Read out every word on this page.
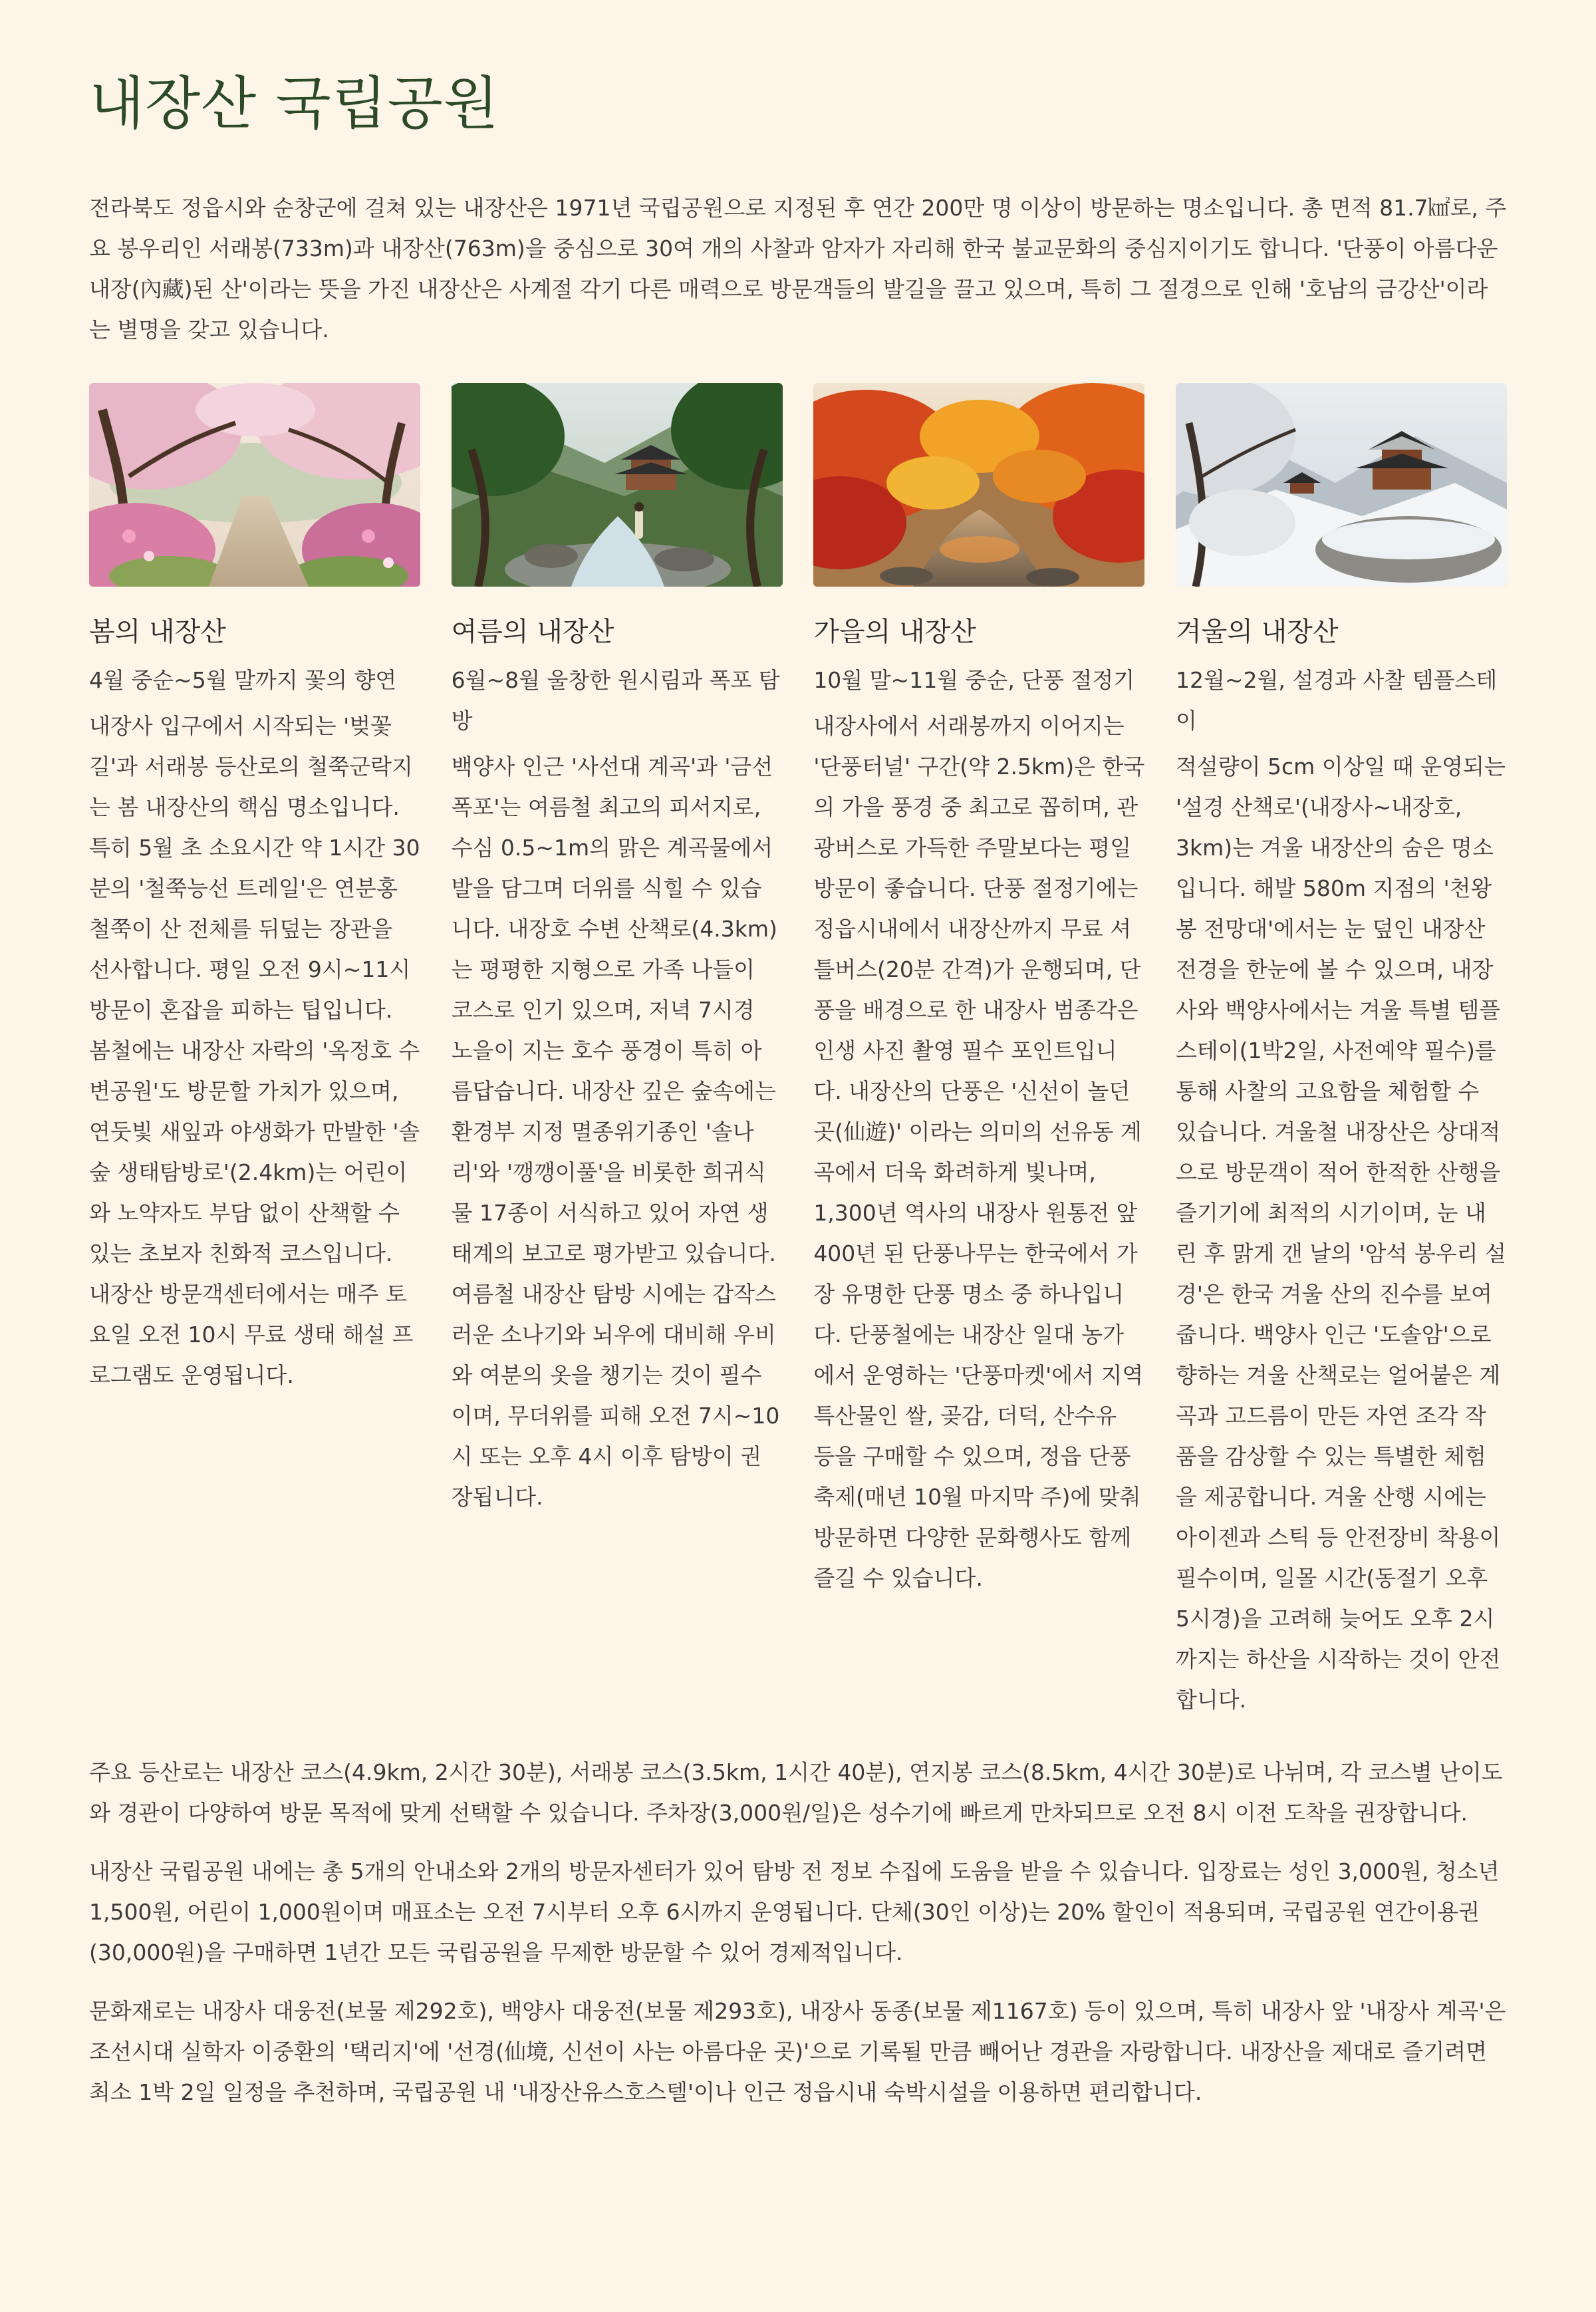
내장산 국립공원

전라북도 정읍시와 순창군에 걸쳐 있는 내장산은 1971년 국립공원으로 지정된 후 연간 200만 명 이상이 방문하는 명소입니다. 총 면적 81.7㎢로, 주요 봉우리인 서래봉(733m)과 내장산(763m)을 중심으로 30여 개의 사찰과 암자가 자리해 한국 불교문화의 중심지이기도 합니다. '단풍이 아름다운 내장(內藏)된 산'이라는 뜻을 가진 내장산은 사계절 각기 다른 매력으로 방문객들의 발길을 끌고 있으며, 특히 그 절경으로 인해 '호남의 금강산'이라는 별명을 갖고 있습니다.

봄의 내장산

4월 중순~5월 말까지 꽃의 향연

내장사 입구에서 시작되는 '벚꽃길'과 서래봉 등산로의 철쭉군락지는 봄 내장산의 핵심 명소입니다. 특히 5월 초 소요시간 약 1시간 30분의 '철쭉능선 트레일'은 연분홍 철쭉이 산 전체를 뒤덮는 장관을 선사합니다. 평일 오전 9시~11시 방문이 혼잡을 피하는 팁입니다. 봄철에는 내장산 자락의 '옥정호 수변공원'도 방문할 가치가 있으며, 연둣빛 새잎과 야생화가 만발한 '솔숲 생태탐방로'(2.4km)는 어린이와 노약자도 부담 없이 산책할 수 있는 초보자 친화적 코스입니다. 내장산 방문객센터에서는 매주 토요일 오전 10시 무료 생태 해설 프로그램도 운영됩니다.

여름의 내장산

6월~8월 울창한 원시림과 폭포 탐방

백양사 인근 '사선대 계곡'과 '금선폭포'는 여름철 최고의 피서지로, 수심 0.5~1m의 맑은 계곡물에서 발을 담그며 더위를 식힐 수 있습니다. 내장호 수변 산책로(4.3km)는 평평한 지형으로 가족 나들이 코스로 인기 있으며, 저녁 7시경 노을이 지는 호수 풍경이 특히 아름답습니다. 내장산 깊은 숲속에는 환경부 지정 멸종위기종인 '솔나리'와 '깽깽이풀'을 비롯한 희귀식물 17종이 서식하고 있어 자연 생태계의 보고로 평가받고 있습니다. 여름철 내장산 탐방 시에는 갑작스러운 소나기와 뇌우에 대비해 우비와 여분의 옷을 챙기는 것이 필수이며, 무더위를 피해 오전 7시~10시 또는 오후 4시 이후 탐방이 권장됩니다.

가을의 내장산

10월 말~11월 중순, 단풍 절정기

내장사에서 서래봉까지 이어지는 '단풍터널' 구간(약 2.5km)은 한국의 가을 풍경 중 최고로 꼽히며, 관광버스로 가득한 주말보다는 평일 방문이 좋습니다. 단풍 절정기에는 정읍시내에서 내장산까지 무료 셔틀버스(20분 간격)가 운행되며, 단풍을 배경으로 한 내장사 범종각은 인생 사진 촬영 필수 포인트입니다. 내장산의 단풍은 '신선이 놀던 곳(仙遊)' 이라는 의미의 선유동 계곡에서 더욱 화려하게 빛나며, 1,300년 역사의 내장사 원통전 앞 400년 된 단풍나무는 한국에서 가장 유명한 단풍 명소 중 하나입니다. 단풍철에는 내장산 일대 농가에서 운영하는 '단풍마켓'에서 지역 특산물인 쌀, 곶감, 더덕, 산수유 등을 구매할 수 있으며, 정읍 단풍 축제(매년 10월 마지막 주)에 맞춰 방문하면 다양한 문화행사도 함께 즐길 수 있습니다.

겨울의 내장산

12월~2월, 설경과 사찰 템플스테이

적설량이 5cm 이상일 때 운영되는 '설경 산책로'(내장사~내장호, 3km)는 겨울 내장산의 숨은 명소입니다. 해발 580m 지점의 '천왕봉 전망대'에서는 눈 덮인 내장산 전경을 한눈에 볼 수 있으며, 내장사와 백양사에서는 겨울 특별 템플스테이(1박2일, 사전예약 필수)를 통해 사찰의 고요함을 체험할 수 있습니다. 겨울철 내장산은 상대적으로 방문객이 적어 한적한 산행을 즐기기에 최적의 시기이며, 눈 내린 후 맑게 갠 날의 '암석 봉우리 설경'은 한국 겨울 산의 진수를 보여줍니다. 백양사 인근 '도솔암'으로 향하는 겨울 산책로는 얼어붙은 계곡과 고드름이 만든 자연 조각 작품을 감상할 수 있는 특별한 체험을 제공합니다. 겨울 산행 시에는 아이젠과 스틱 등 안전장비 착용이 필수이며, 일몰 시간(동절기 오후 5시경)을 고려해 늦어도 오후 2시까지는 하산을 시작하는 것이 안전합니다.

주요 등산로는 내장산 코스(4.9km, 2시간 30분), 서래봉 코스(3.5km, 1시간 40분), 연지봉 코스(8.5km, 4시간 30분)로 나뉘며, 각 코스별 난이도와 경관이 다양하여 방문 목적에 맞게 선택할 수 있습니다. 주차장(3,000원/일)은 성수기에 빠르게 만차되므로 오전 8시 이전 도착을 권장합니다.

내장산 국립공원 내에는 총 5개의 안내소와 2개의 방문자센터가 있어 탐방 전 정보 수집에 도움을 받을 수 있습니다. 입장료는 성인 3,000원, 청소년 1,500원, 어린이 1,000원이며 매표소는 오전 7시부터 오후 6시까지 운영됩니다. 단체(30인 이상)는 20% 할인이 적용되며, 국립공원 연간이용권(30,000원)을 구매하면 1년간 모든 국립공원을 무제한 방문할 수 있어 경제적입니다.

문화재로는 내장사 대웅전(보물 제292호), 백양사 대웅전(보물 제293호), 내장사 동종(보물 제1167호) 등이 있으며, 특히 내장사 앞 '내장사 계곡'은 조선시대 실학자 이중환의 '택리지'에 '선경(仙境, 신선이 사는 아름다운 곳)'으로 기록될 만큼 빼어난 경관을 자랑합니다. 내장산을 제대로 즐기려면 최소 1박 2일 일정을 추천하며, 국립공원 내 '내장산유스호스텔'이나 인근 정읍시내 숙박시설을 이용하면 편리합니다.
